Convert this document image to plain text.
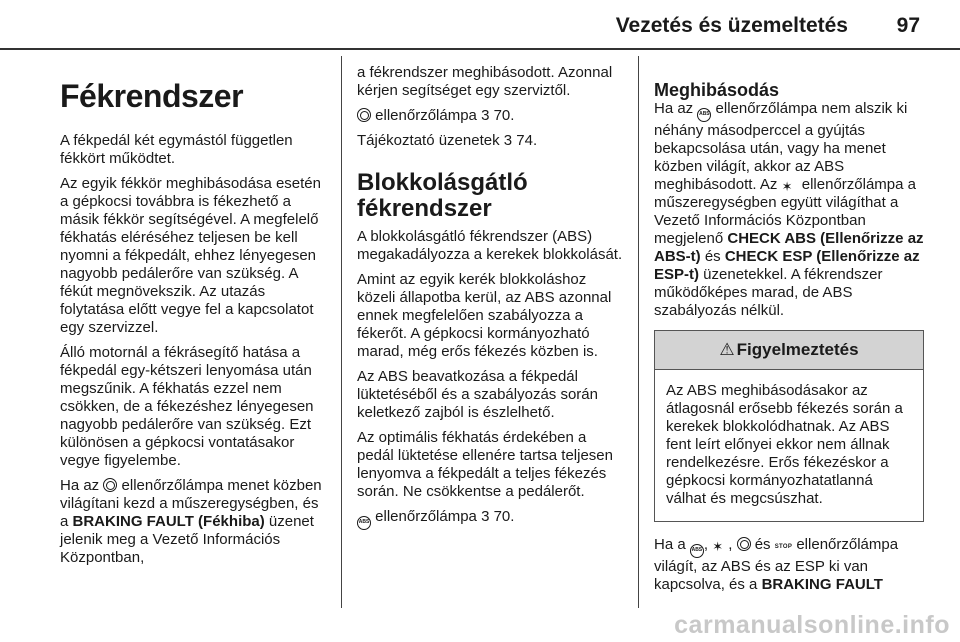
Vezetés és üzemeltetés 97
Fékrendszer

A fékpedál két egymástól független fékkört működtet.

Az egyik fékkör meghibásodása esetén a gépkocsi továbbra is fékezhető a másik fékkör segítségével. A megfelelő fékhatás eléréséhez teljesen be kell nyomni a fékpedált, ehhez lényegesen nagyobb pedálerőre van szükség. A fékút megnövekszik. Az utazás folytatása előtt vegye fel a kapcsolatot egy szervizzel.

Álló motornál a fékrásegítő hatása a fékpedál egy-kétszeri lenyomása után megszűnik. A fékhatás ezzel nem csökken, de a fékezéshez lényegesen nagyobb pedálerőre van szükség. Ezt különösen a gépkocsi vontatásakor vegye figyelembe.

Ha az  ellenőrzőlámpa menet közben világítani kezd a műszeregységben, és a BRAKING FAULT (Fékhiba) üzenet jelenik meg a Vezető Információs Központban,

a fékrendszer meghibásodott. Azonnal kérjen segítséget egy szerviztől.

ellenőrzőlámpa 3 70.

Tájékoztató üzenetek 3 74.

Blokkolásgátló fékrendszer

A blokkolásgátló fékrendszer (ABS) megakadályozza a kerekek blokkolását.

Amint az egyik kerék blokkoláshoz közeli állapotba kerül, az ABS azonnal ennek megfelelően szabályozza a fékerőt. A gépkocsi kormányozható marad, még erős fékezés közben is.

Az ABS beavatkozása a fékpedál lüktetéséből és a szabályozás során keletkező zajból is észlelhető.

Az optimális fékhatás érdekében a pedál lüktetése ellenére tartsa teljesen lenyomva a fékpedált a teljes fékezés során. Ne csökkentse a pedálerőt.

ABS ellenőrzőlámpa 3 70.

Meghibásodás

Ha az ABS ellenőrzőlámpa nem alszik ki néhány másodperccel a gyújtás bekapcsolása után, vagy ha menet közben világít, akkor az ABS meghibásodott. Az ✶ ellenőrzőlámpa a műszeregységben együtt világíthat a Vezető Információs Központban megjelenő CHECK ABS (Ellenőrizze az ABS-t) és CHECK ESP (Ellenőrizze az ESP-t) üzenetekkel. A fékrendszer működőképes marad, de ABS szabályozás nélkül.

⚠ Figyelmeztetés
Az ABS meghibásodásakor az átlagosnál erősebb fékezés során a kerekek blokkolódhatnak. Az ABS fent leírt előnyei ekkor nem állnak rendelkezésre. Erős fékezéskor a gépkocsi kormányozhatatlanná válhat és megcsúszhat.

Ha a ABS , ✶ ,  és STOP ellenőrzőlámpa világít, az ABS és az ESP ki van kapcsolva, és a BRAKING FAULT

carmanualsonline.info
